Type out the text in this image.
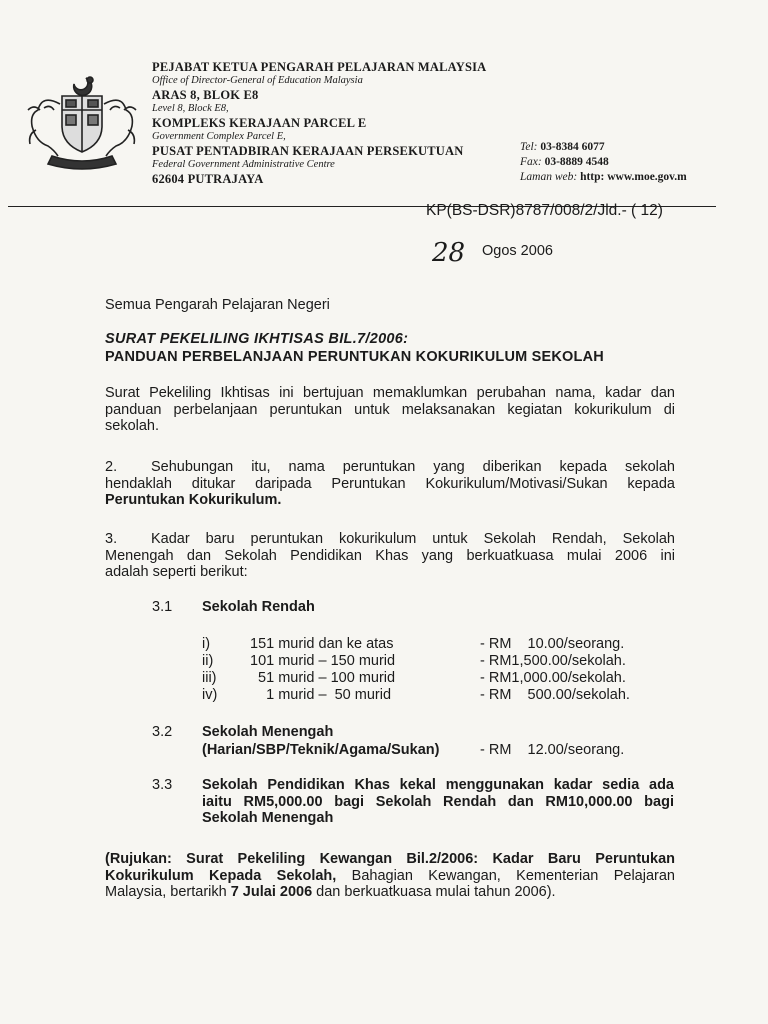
PEJABAT KETUA PENGARAH PELAJARAN MALAYSIA
Office of Director-General of Education Malaysia
ARAS 8, BLOK E8
Level 8, Block E8,
KOMPLEKS KERAJAAN PARCEL E
Government Complex Parcel E,
PUSAT PENTADBIRAN KERAJAAN PERSEKUTUAN
Federal Government Administrative Centre
62604 PUTRAJAYA
Tel: 03-8384 6077
Fax: 03-8889 4548
Laman web: http: www.moe.gov.m
KP(BS-DSR)8787/008/2/Jld.- ( 12)
28 Ogos 2006
Semua Pengarah Pelajaran Negeri
SURAT PEKELILING IKHTISAS BIL.7/2006:
PANDUAN PERBELANJAAN PERUNTUKAN KOKURIKULUM SEKOLAH
Surat Pekeliling Ikhtisas ini bertujuan memaklumkan perubahan nama, kadar dan
panduan perbelanjaan peruntukan untuk melaksanakan kegiatan kokurikulum di
sekolah.
2.	Sehubungan itu, nama peruntukan yang diberikan kepada sekolah
hendaklah ditukar daripada Peruntukan Kokurikulum/Motivasi/Sukan kepada
Peruntukan Kokurikulum.
3.	Kadar baru peruntukan kokurikulum untuk Sekolah Rendah, Sekolah
Menengah dan Sekolah Pendidikan Khas yang berkuatkuasa mulai 2006 ini
adalah seperti berikut:
3.1 Sekolah Rendah
i)	151 murid dan ke atas	- RM    10.00/seorang.
ii)	101 murid – 150 murid	- RM1,500.00/sekolah.
iii) 51 murid – 100 murid	- RM1,000.00/sekolah.
iv) 1 murid –  50 murid	- RM    500.00/sekolah.
3.2 Sekolah Menengah
(Harian/SBP/Teknik/Agama/Sukan)	- RM    12.00/seorang.
3.3 Sekolah Pendidikan Khas kekal menggunakan kadar sedia ada
iaitu RM5,000.00 bagi Sekolah Rendah dan RM10,000.00 bagi
Sekolah Menengah
(Rujukan: Surat Pekeliling Kewangan Bil.2/2006: Kadar Baru Peruntukan
Kokurikulum Kepada Sekolah, Bahagian Kewangan, Kementerian Pelajaran
Malaysia, bertarikh 7 Julai 2006 dan berkuatkuasa mulai tahun 2006).
